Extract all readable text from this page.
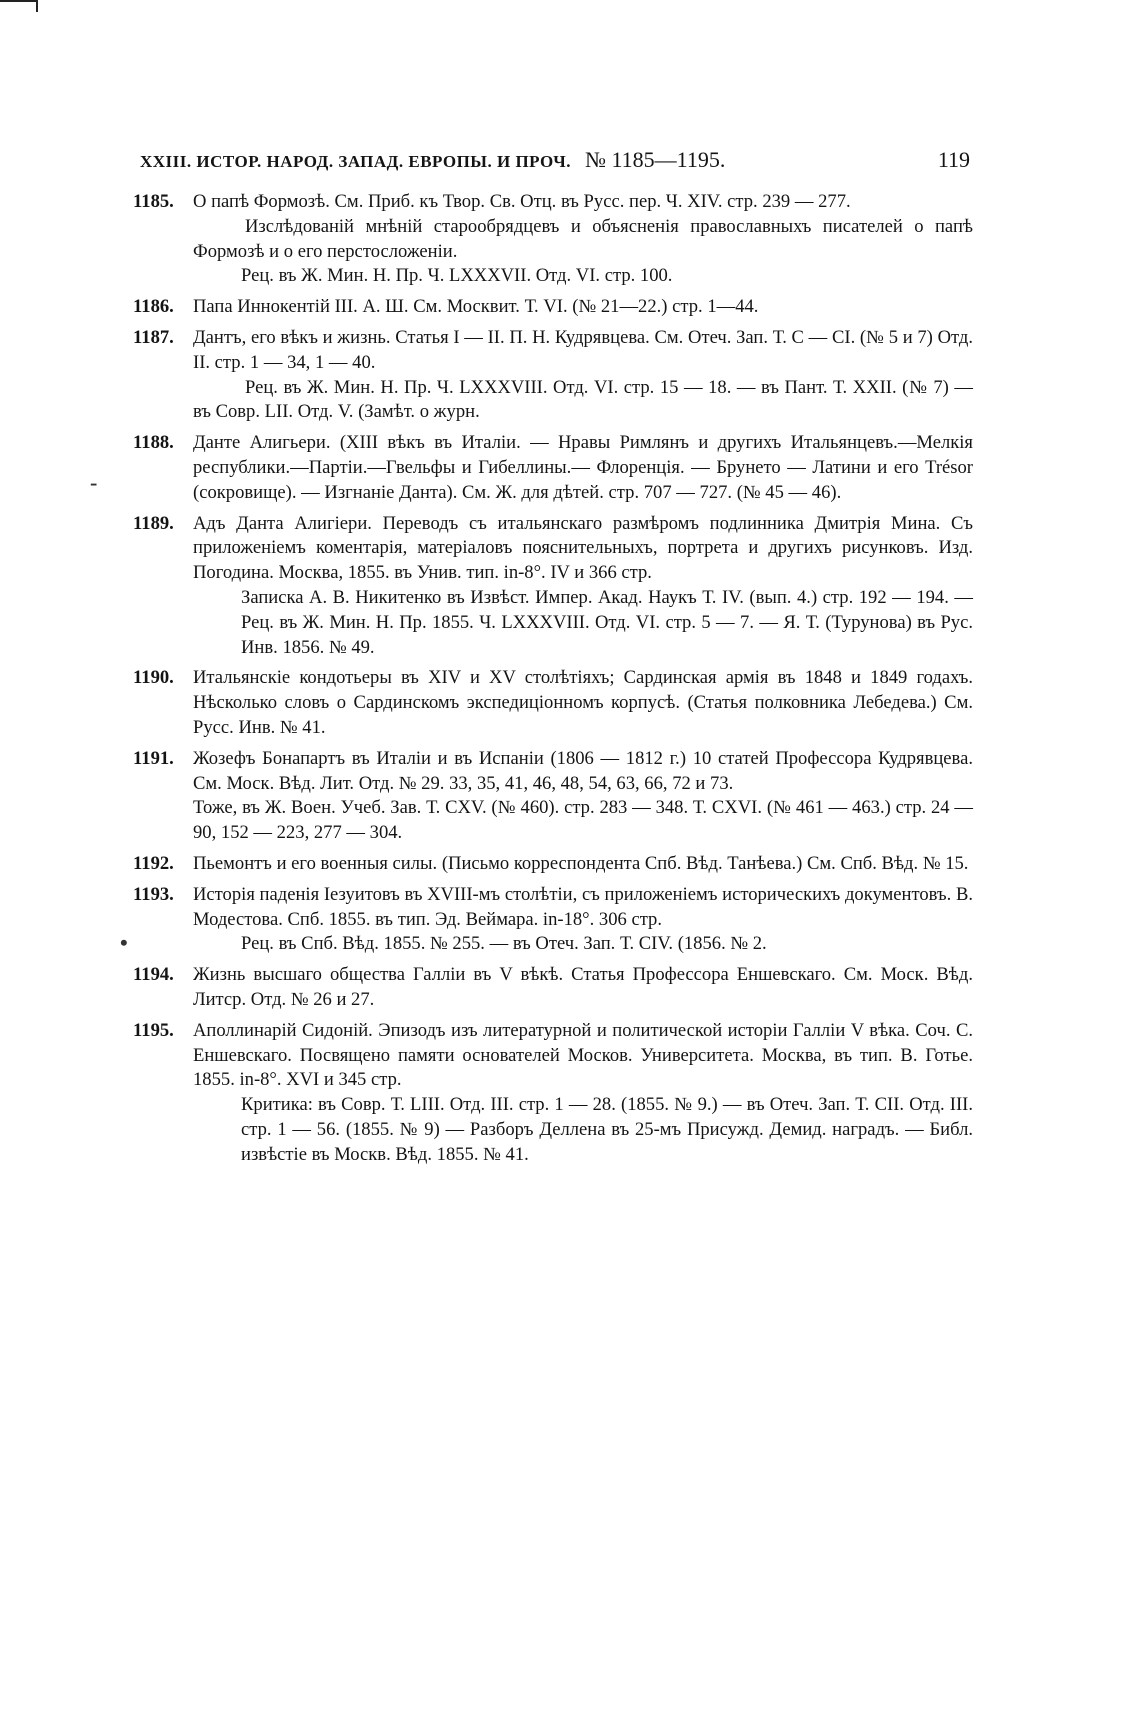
XXIII. ИСТОР. НАРОД. ЗАПАД. ЕВРОПЫ. И ПРОЧ. № 1185—1195.	119
1185.	О папѣ Формозѣ. См. Приб. къ Твор. Св. Отц. въ Русс. пер. Ч. XIV. стр. 239 — 277.

Изслѣдованій мнѣній старообрядцевъ и объясненія православныхъ писателей о папѣ Формозѣ и о его перстосложеніи.

Рец. въ Ж. Мин. Н. Пр. Ч. LXXXVII. Отд. VI. стр. 100.

1186.	Папа Иннокентій III. А. Ш. См. Москвит. Т. VI. (№ 21—22.) стр. 1—44.

1187.	Дантъ, его вѣкъ и жизнь. Статья I — II. П. Н. Кудрявцева. См. Отеч. Зап. Т. С — СI. (№ 5 и 7) Отд. II. стр. 1 — 34, 1 — 40.

Рец. въ Ж. Мин. Н. Пр. Ч. LXXXVIII. Отд. VI. стр. 15 — 18. — въ Пант. Т. XXII. (№ 7) — въ Совр. LII. Отд. V. (Замѣт. о журн.

1188.	Данте Алигьери. (XIII вѣкъ въ Италіи. — Нравы Римлянъ и другихъ Итальянцевъ.—Мелкія республики.—Партіи.—Гвельфы и Гибеллины.— Флоренція. — Брунето — Латини и его Trésor (сокровище). — Изгнаніе Данта). См. Ж. для дѣтей. стр. 707 — 727. (№ 45 — 46).

1189.	Адъ Данта Алигіери. Переводъ съ итальянскаго размѣромъ подлинника Дмитрія Мина. Съ приложеніемъ коментарія, матеріаловъ пояснительныхъ, портрета и другихъ рисунковъ. Изд. Погодина. Москва, 1855. въ Унив. тип. in-8°. IV и 366 стр.

Записка А. В. Никитенко въ Извѣст. Импер. Акад. Наукъ Т. IV. (вып. 4.) стр. 192 — 194. — Рец. въ Ж. Мин. Н. Пр. 1855. Ч. LXXXVIII. Отд. VI. стр. 5 — 7. — Я. Т. (Турунова) въ Рус. Инв. 1856. № 49.

1190.	Итальянскіе кондотьеры въ XIV и XV столѣтіяхъ; Сардинская армія въ 1848 и 1849 годахъ. Нѣсколько словъ о Сардинскомъ экспедиціонномъ корпусѣ. (Статья полковника Лебедева.) См. Русс. Инв. № 41.

1191.	Жозефъ Бонапартъ въ Италіи и въ Испаніи (1806 — 1812 г.) 10 статей Профессора Кудрявцева. См. Моск. Вѣд. Лит. Отд. № 29. 33, 35, 41, 46, 48, 54, 63, 66, 72 и 73.

Тоже, въ Ж. Воен. Учеб. Зав. Т. CXV. (№ 460). стр. 283 — 348. Т. CXVI. (№ 461 — 463.) стр. 24 — 90, 152 — 223, 277 — 304.

1192.	Пьемонтъ и его военныя силы. (Письмо корреспондента Спб. Вѣд. Танѣева.) См. Спб. Вѣд. № 15.

1193.	Исторія паденія Іезуитовъ въ XVIII-мъ столѣтіи, съ приложеніемъ историческихъ документовъ. В. Модестова. Спб. 1855. въ тип. Эд. Веймара. in-18°. 306 стр.

Рец. въ Спб. Вѣд. 1855. № 255. — въ Отеч. Зап. Т. CIV. (1856. № 2.

1194.	Жизнь высшаго общества Галліи въ V вѣкѣ. Статья Профессора Еншевскаго. См. Моск. Вѣд. Литср. Отд. № 26 и 27.

1195.	Аполлинарій Сидоній. Эпизодъ изъ литературной и политической исторіи Галліи V вѣка. Соч. С. Еншевскаго. Посвящено памяти основателей Москов. Университета. Москва, въ тип. В. Готье. 1855. in-8°. XVI и 345 стр.

Критика: въ Совр. Т. LIII. Отд. III. стр. 1 — 28. (1855. № 9.) — въ Отеч. Зап. Т. CII. Отд. III. стр. 1 — 56. (1855. № 9) — Разборъ Деллена въ 25-мъ Присужд. Демид. наградъ. — Библ. извѣстіе въ Москв. Вѣд. 1855. № 41.

-
•
